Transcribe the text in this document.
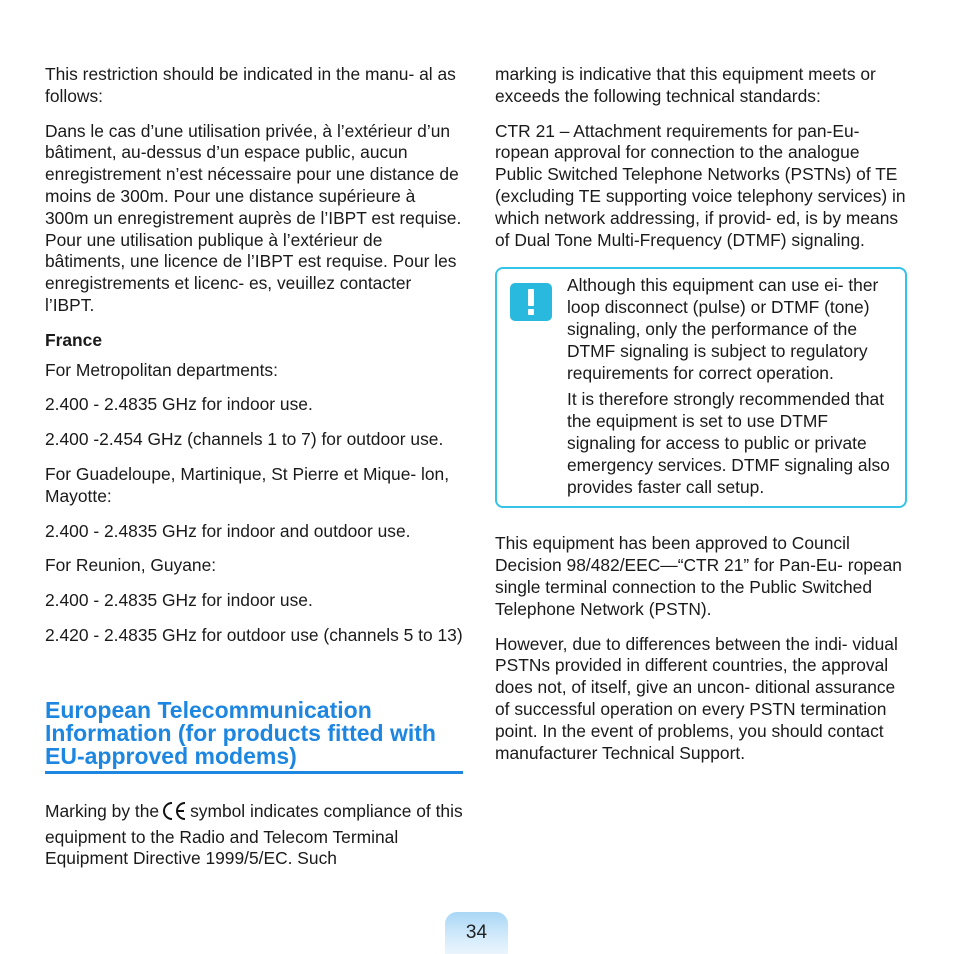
This restriction should be indicated in the manu- al as follows:

Dans le cas d’une utilisation privée, à l’extérieur d’un bâtiment, au-dessus d’un espace public, aucun enregistrement n’est nécessaire pour une distance de moins de 300m. Pour une distance supérieure à 300m un enregistrement auprès de l’IBPT est requise. Pour une utilisation publique à l’extérieur de bâtiments, une licence de l’IBPT est requise. Pour les enregistrements et licenc- es, veuillez contacter l’IBPT.

France

For Metropolitan departments:

2.400 - 2.4835 GHz for indoor use.

2.400 -2.454 GHz (channels 1 to 7) for outdoor use.

For Guadeloupe, Martinique, St Pierre et Mique- lon, Mayotte:

2.400 - 2.4835 GHz for indoor and outdoor use.

For Reunion, Guyane:

2.400 - 2.4835 GHz for indoor use.

2.420 - 2.4835 GHz for outdoor use (channels 5 to 13)

European Telecommunication Information (for products fitted with EU-approved modems)

Marking by the symbol indicates compliance of this equipment to the Radio and Telecom Terminal Equipment Directive 1999/5/EC. Such

marking is indicative that this equipment meets or exceeds the following technical standards:

CTR 21 – Attachment requirements for pan-Eu- ropean approval for connection to the analogue Public Switched Telephone Networks (PSTNs) of TE (excluding TE supporting voice telephony services) in which network addressing, if provid- ed, is by means of Dual Tone Multi-Frequency (DTMF) signaling.

Although this equipment can use ei- ther loop disconnect (pulse) or DTMF (tone) signaling, only the performance of the DTMF signaling is subject to regulatory requirements for correct operation.

It is therefore strongly recommended that the equipment is set to use DTMF signaling for access to public or private emergency services. DTMF signaling also provides faster call setup.

This equipment has been approved to Council Decision 98/482/EEC—“CTR 21” for Pan-Eu- ropean single terminal connection to the Public Switched Telephone Network (PSTN).

However, due to differences between the indi- vidual PSTNs provided in different countries, the approval does not, of itself, give an uncon- ditional assurance of successful operation on every PSTN termination point. In the event of problems, you should contact manufacturer Technical Support.

34
